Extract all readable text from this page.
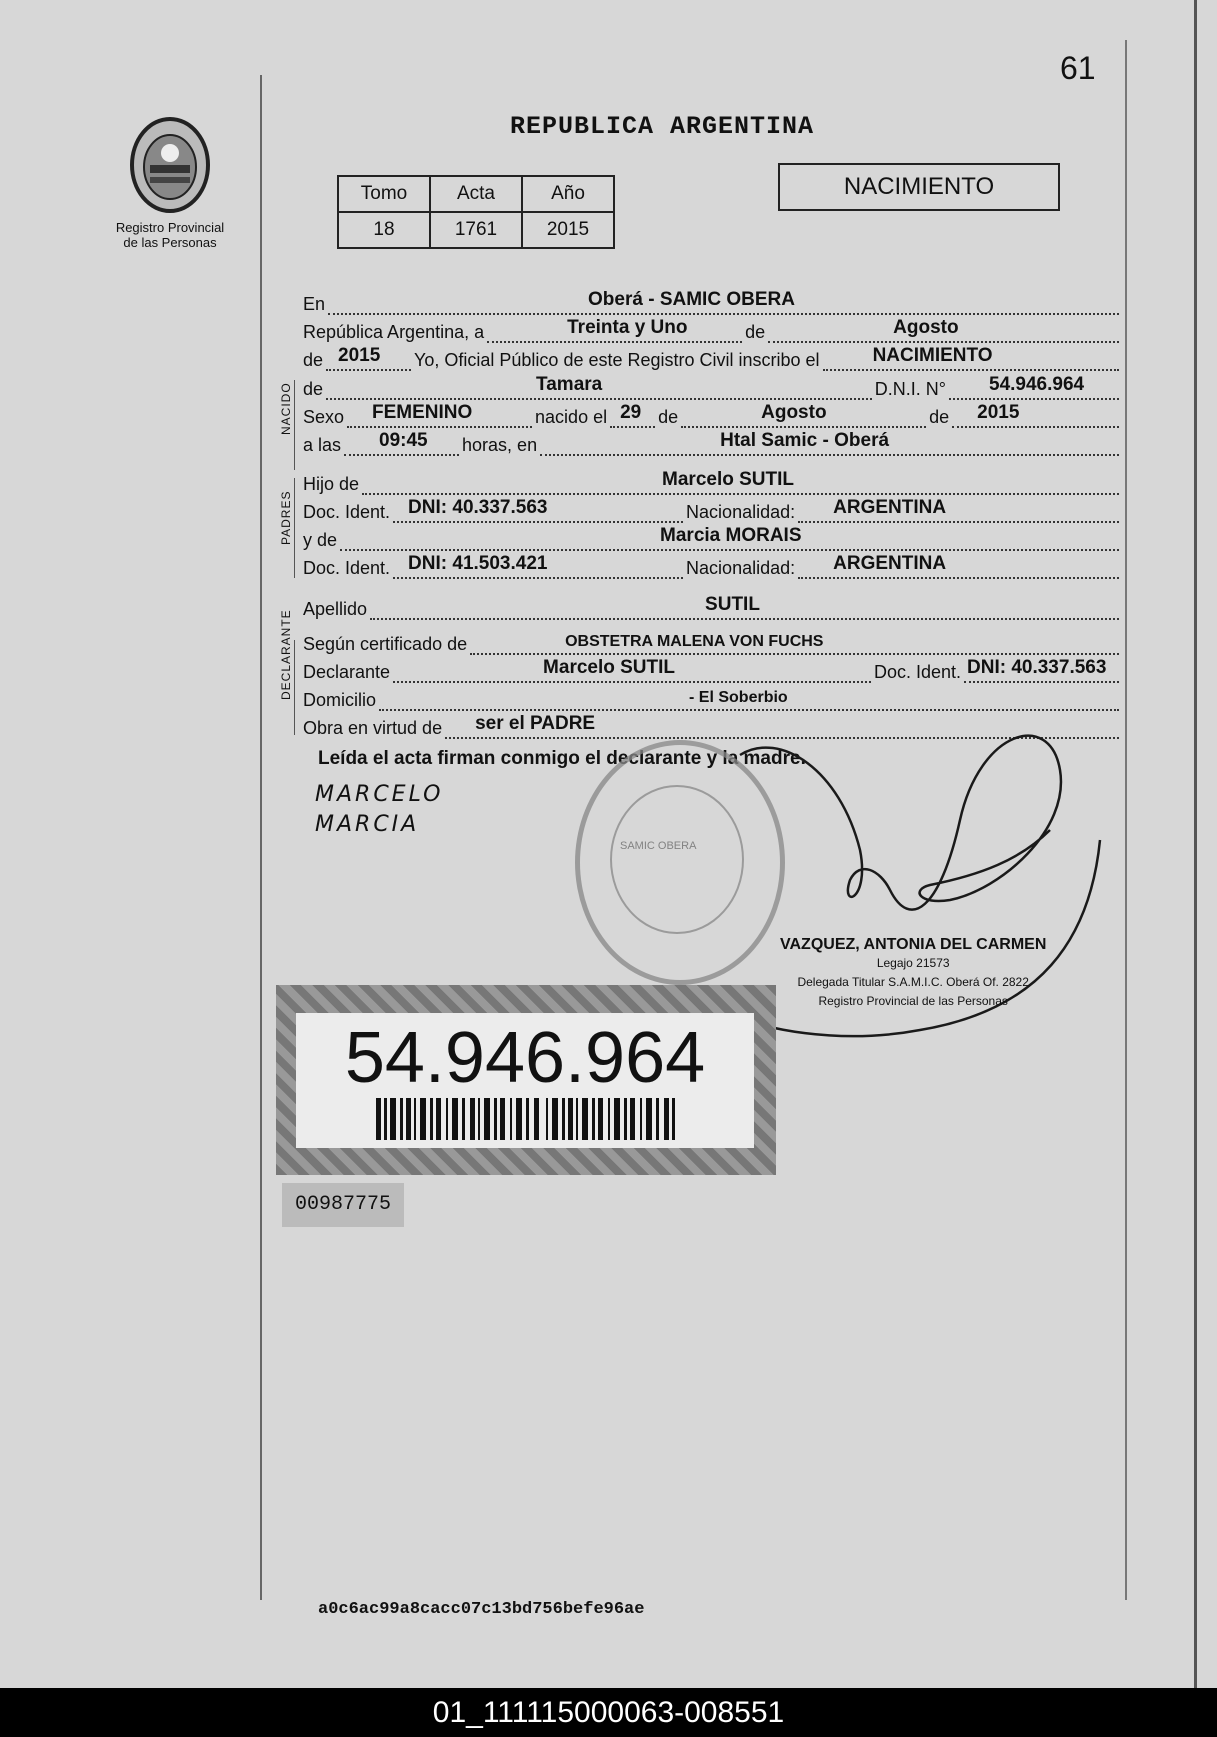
61
Registro Provincial
de las Personas
REPUBLICA ARGENTINA
Tomo	Acta	Año
18	1761	2015
NACIMIENTO
En	Oberá - SAMIC OBERA
República Argentina, a	Treinta y Uno	de	Agosto
de 2015 Yo, Oficial Público de este Registro Civil inscribo el	NACIMIENTO
NACIDO de	Tamara	D.N.I. N° 54.946.964
Sexo FEMENINO	nacido el 29 de	Agosto	de 2015
a las 09:45 horas, en	Htal Samic - Oberá
PADRES
Hijo de	Marcelo SUTIL
Doc. Ident. DNI: 40.337.563	Nacionalidad: ARGENTINA
y de	Marcia MORAIS
Doc. Ident. DNI: 41.503.421	Nacionalidad: ARGENTINA
Apellido	SUTIL
DECLARANTE Según certificado de	OBSTETRA MALENA VON FUCHS
Declarante	Marcelo SUTIL	Doc. Ident. DNI: 40.337.563
Domicilio	- El Soberbio
Obra en virtud de ser el PADRE
Leída el acta firman conmigo el declarante y la madre.
MARCELO
MARCIA
SAMIC OBERA
VAZQUEZ, ANTONIA DEL CARMEN
Legajo 21573
Delegada Titular S.A.M.I.C. Oberá Of. 2822
Registro Provincial de las Personas
54.946.964
00987775
a0c6ac99a8cacc07c13bd756befe96ae
01_111115000063-008551
